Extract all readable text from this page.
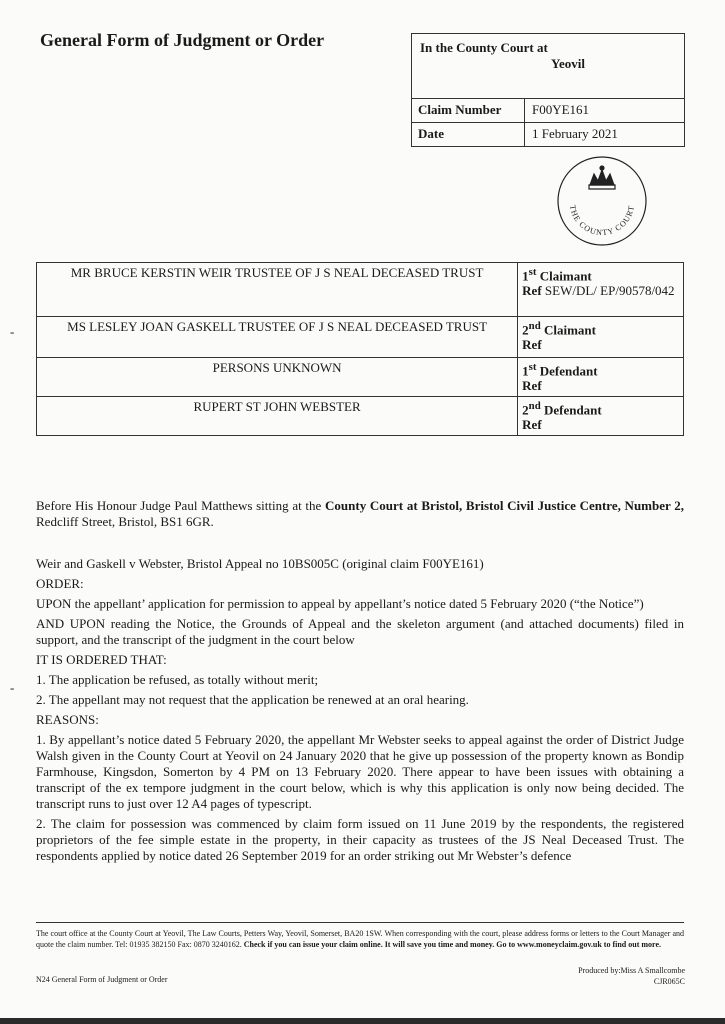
General Form of Judgment or Order	In the County Court at
Yeovil
Claim Number F00YE161
Date	1 February 2021
THE COUNTY COURT
MR BRUCE KERSTIN WEIR TRUSTEE OF J S NEAL DECEASED TRUST	1st Claimant
Ref SEW/DL/ EP/90578/042
MS LESLEY JOAN GASKELL TRUSTEE OF J S NEAL DECEASED TRUST	2nd Claimant
Ref
PERSONS UNKNOWN	1st Defendant
Ref
RUPERT ST JOHN WEBSTER	2nd Defendant
Ref
-
-

Before His Honour Judge Paul Matthews sitting at the County Court at Bristol, Bristol Civil Justice Centre, Number 2, Redcliff Street, Bristol, BS1 6GR.

Weir and Gaskell v Webster, Bristol Appeal no 10BS005C (original claim F00YE161)

ORDER:

UPON the appellant’ application for permission to appeal by appellant’s notice dated 5 February 2020 (“the Notice”)

AND UPON reading the Notice, the Grounds of Appeal and the skeleton argument (and attached documents) filed in support, and the transcript of the judgment in the court below

IT IS ORDERED THAT:

1. The application be refused, as totally without merit;

2. The appellant may not request that the application be renewed at an oral hearing.

REASONS:

1. By appellant’s notice dated 5 February 2020, the appellant Mr Webster seeks to appeal against the order of District Judge Walsh given in the County Court at Yeovil on 24 January 2020 that he give up possession of the property known as Bondip Farmhouse, Kingsdon, Somerton by 4 PM on 13 February 2020. There appear to have been issues with obtaining a transcript of the ex tempore judgment in the court below, which is why this application is only now being decided. The transcript runs to just over 12 A4 pages of typescript.

2. The claim for possession was commenced by claim form issued on 11 June 2019 by the respondents, the registered proprietors of the fee simple estate in the property, in their capacity as trustees of the JS Neal Deceased Trust. The respondents applied by notice dated 26 September 2019 for an order striking out Mr Webster’s defence

The court office at the County Court at Yeovil, The Law Courts, Petters Way, Yeovil, Somerset, BA20 1SW. When corresponding with the court, please address forms or letters to the Court Manager and quote the claim number. Tel: 01935 382150 Fax: 0870 3240162. Check if you can issue your claim online. It will save you time and money. Go to www.moneyclaim.gov.uk to find out more.
N24 General Form of Judgment or Order
Produced by:Miss A Smallcombe
CJR065C
